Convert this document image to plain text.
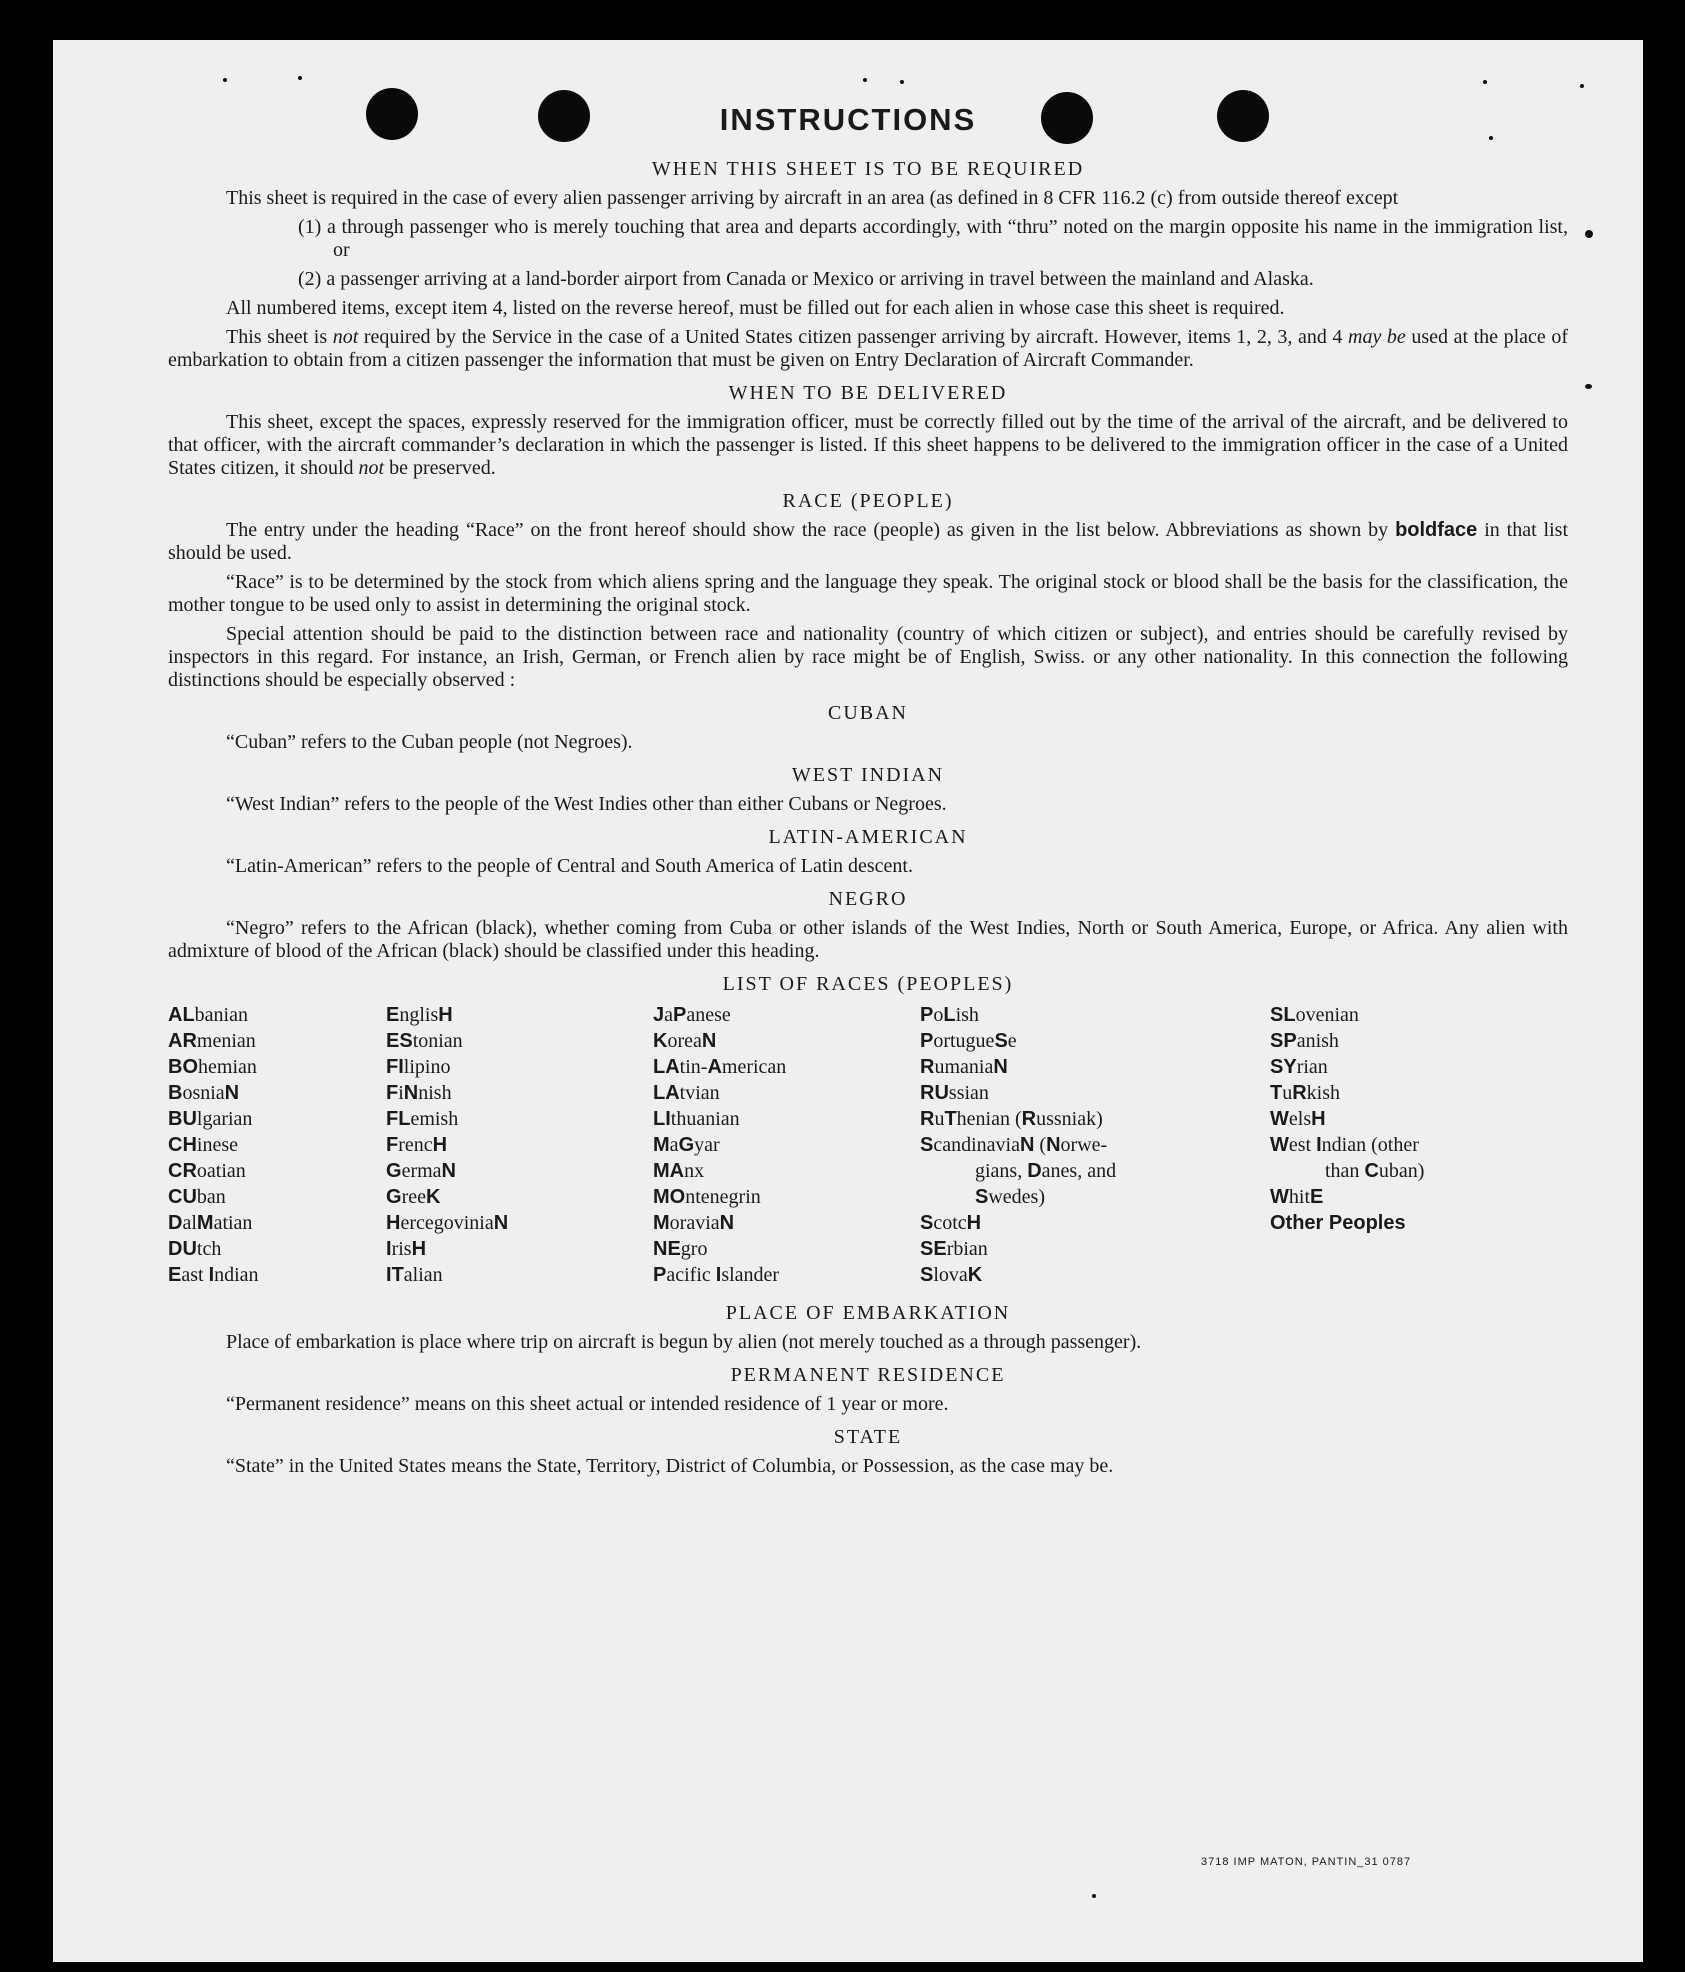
INSTRUCTIONS
WHEN THIS SHEET IS TO BE REQUIRED
This sheet is required in the case of every alien passenger arriving by aircraft in an area (as defined in 8 CFR 116.2 (c) from outside thereof except
(1) a through passenger who is merely touching that area and departs accordingly, with “thru” noted on the margin opposite his name in the immigration list, or
(2) a passenger arriving at a land-border airport from Canada or Mexico or arriving in travel between the mainland and Alaska.
All numbered items, except item 4, listed on the reverse hereof, must be filled out for each alien in whose case this sheet is required.
This sheet is not required by the Service in the case of a United States citizen passenger arriving by aircraft. However, items 1, 2, 3, and 4 may be used at the place of embarkation to obtain from a citizen passenger the information that must be given on Entry Declaration of Aircraft Commander.
WHEN TO BE DELIVERED
This sheet, except the spaces, expressly reserved for the immigration officer, must be correctly filled out by the time of the arrival of the aircraft, and be delivered to that officer, with the aircraft commander’s declaration in which the passenger is listed. If this sheet happens to be delivered to the immigration officer in the case of a United States citizen, it should not be preserved.
RACE (PEOPLE)
The entry under the heading “Race” on the front hereof should show the race (people) as given in the list below. Abbreviations as shown by boldface in that list should be used.
“Race” is to be determined by the stock from which aliens spring and the language they speak. The original stock or blood shall be the basis for the classification, the mother tongue to be used only to assist in determining the original stock.
Special attention should be paid to the distinction between race and nationality (country of which citizen or subject), and entries should be carefully revised by inspectors in this regard. For instance, an Irish, German, or French alien by race might be of English, Swiss. or any other nationality. In this connection the following distinctions should be especially observed :
CUBAN
“Cuban” refers to the Cuban people (not Negroes).
WEST INDIAN
“West Indian” refers to the people of the West Indies other than either Cubans or Negroes.
LATIN-AMERICAN
“Latin-American” refers to the people of Central and South America of Latin descent.
NEGRO
“Negro” refers to the African (black), whether coming from Cuba or other islands of the West Indies, North or South America, Europe, or Africa. Any alien with admixture of blood of the African (black) should be classified under this heading.
LIST OF RACES (PEOPLES)
ALbanian
ARmenian
BOhemian
BosniaN
BUlgarian
CHinese
CRoatian
CUban
DalMatian
DUtch
East Indian
EnglisH
EStonian
FIlipino
FiNnish
FLemish
FrencH
GermaN
GreeK
HercegoviniaN
IrisH
ITalian
JaPanese
KoreaN
LAtin-American
LAtvian
LIthuanian
MaGyar
MAnx
MOntenegrin
MoraviaN
NEgro
Pacific Islander
PoLish
PortugueSe
RumaniaN
RUssian
RuThenian (Russniak)
ScandinaviaN (Norwe-
gians, Danes, and
Swedes)
ScotcH
SErbian
SlovaK
SLovenian
SPanish
SYrian
TuRkish
WelsH
West Indian (other
than Cuban)
WhitE
Other Peoples
PLACE OF EMBARKATION
Place of embarkation is place where trip on aircraft is begun by alien (not merely touched as a through passenger).
PERMANENT RESIDENCE
“Permanent residence” means on this sheet actual or intended residence of 1 year or more.
STATE
“State” in the United States means the State, Territory, District of Columbia, or Possession, as the case may be.
3718 IMP MATON, PANTIN_31 0787
